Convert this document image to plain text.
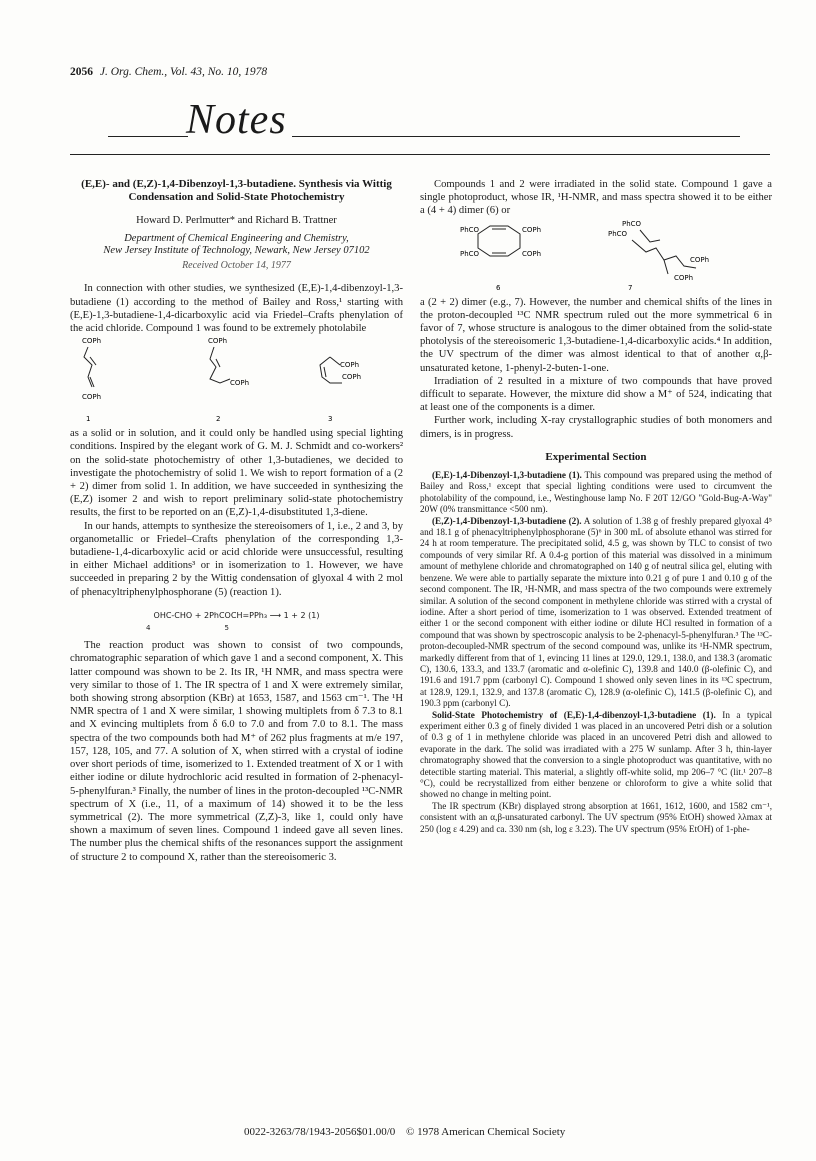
2056 J. Org. Chem., Vol. 43, No. 10, 1978
Notes
(E,E)- and (E,Z)-1,4-Dibenzoyl-1,3-butadiene. Synthesis via Wittig Condensation and Solid-State Photochemistry
Howard D. Perlmutter* and Richard B. Trattner
Department of Chemical Engineering and Chemistry,
New Jersey Institute of Technology, Newark, New Jersey 07102
Received October 14, 1977

In connection with other studies, we synthesized (E,E)-1,4-dibenzoyl-1,3-butadiene (1) according to the method of Bailey and Ross,¹ starting with (E,E)-1,3-butadiene-1,4-dicarboxylic acid via Friedel–Crafts phenylation of the acid chloride. Compound 1 was found to be extremely photolabile

COPh
COPh
1
COPh
COPh
2
COPh
COPh
3

as a solid or in solution, and it could only be handled using special lighting conditions. Inspired by the elegant work of G. M. J. Schmidt and co-workers² on the solid-state photochemistry of other 1,3-butadienes, we decided to investigate the photochemistry of solid 1. We wish to report formation of a (2 + 2) dimer from solid 1. In addition, we have succeeded in synthesizing the (E,Z) isomer 2 and wish to report preliminary solid-state photochemistry results, the first to be reported on an (E,Z)-1,4-disubstituted 1,3-diene.

In our hands, attempts to synthesize the stereoisomers of 1, i.e., 2 and 3, by organometallic or Friedel–Crafts phenylation of the corresponding 1,3-butadiene-1,4-dicarboxylic acid or acid chloride were unsuccessful, resulting in either Michael additions³ or in isomerization to 1. However, we have succeeded in preparing 2 by the Wittig condensation of glyoxal 4 with 2 mol of phenacyltriphenylphosphorane (5) (reaction 1).

OHC-CHO + 2PhCOCH=PPh₃ ⟶ 1 + 2 (1)
4	5

The reaction product was shown to consist of two compounds, chromatographic separation of which gave 1 and a second component, X. This latter compound was shown to be 2. Its IR, ¹H NMR, and mass spectra were very similar to those of 1. The IR spectra of 1 and X were extremely similar, both showing strong absorption (KBr) at 1653, 1587, and 1563 cm⁻¹. The ¹H NMR spectra of 1 and X were similar, 1 showing multiplets from δ 7.3 to 8.1 and X evincing multiplets from δ 6.0 to 7.0 and from 7.0 to 8.1. The mass spectra of the two compounds both had M⁺ of 262 plus fragments at m/e 197, 157, 128, 105, and 77. A solution of X, when stirred with a crystal of iodine over short periods of time, isomerized to 1. Extended treatment of X or 1 with either iodine or dilute hydrochloric acid resulted in formation of 2-phenacyl-5-phenylfuran.³ Finally, the number of lines in the proton-decoupled ¹³C-NMR spectrum of X (i.e., 11, of a maximum of 14) showed it to be the less symmetrical (2). The more symmetrical (Z,Z)-3, like 1, could only have shown a maximum of seven lines. Compound 1 indeed gave all seven lines. The number plus the chemical shifts of the resonances support the assignment of structure 2 to compound X, rather than the stereoisomeric 3.

Compounds 1 and 2 were irradiated in the solid state. Compound 1 gave a single photoproduct, whose IR, ¹H-NMR, and mass spectra showed it to be either a (4 + 4) dimer (6) or

PhCO	COPh
PhCO	COPh
6
PhCO
PhCO
COPh
COPh
7

a (2 + 2) dimer (e.g., 7). However, the number and chemical shifts of the lines in the proton-decoupled ¹³C NMR spectrum ruled out the more symmetrical 6 in favor of 7, whose structure is analogous to the dimer obtained from the solid-state photolysis of the stereoisomeric 1,3-butadiene-1,4-dicarboxylic acids.⁴ In addition, the UV spectrum of the dimer was almost identical to that of another α,β-unsaturated ketone, 1-phenyl-2-buten-1-one.

Irradiation of 2 resulted in a mixture of two compounds that have proved difficult to separate. However, the mixture did show a M⁺ of 524, indicating that at least one of the components is a dimer.

Further work, including X-ray crystallographic studies of both monomers and dimers, is in progress.

Experimental Section

(E,E)-1,4-Dibenzoyl-1,3-butadiene (1). This compound was prepared using the method of Bailey and Ross,¹ except that special lighting conditions were used to circumvent the photolability of the compound, i.e., Westinghouse lamp No. F 20T 12/GO "Gold-Bug-A-Way" 20W (0% transmittance <500 nm).

(E,Z)-1,4-Dibenzoyl-1,3-butadiene (2). A solution of 1.38 g of freshly prepared glyoxal 4⁵ and 18.1 g of phenacyltriphenylphosphorane (5)⁶ in 300 mL of absolute ethanol was stirred for 24 h at room temperature. The precipitated solid, 4.5 g, was shown by TLC to consist of two compounds of very similar Rf. A 0.4-g portion of this material was dissolved in a minimum amount of methylene chloride and chromatographed on 140 g of neutral silica gel, eluting with benzene. We were able to partially separate the mixture into 0.21 g of pure 1 and 0.10 g of the second component. The IR, ¹H-NMR, and mass spectra of the two compounds were extremely similar. A solution of the second component in methylene chloride was stirred with a crystal of iodine. After a short period of time, isomerization to 1 was observed. Extended treatment of either 1 or the second component with either iodine or dilute HCl resulted in formation of a compound that was shown by spectroscopic analysis to be 2-phenacyl-5-phenylfuran.³ The ¹³C-proton-decoupled-NMR spectrum of the second compound was, unlike its ¹H-NMR spectrum, markedly different from that of 1, evincing 11 lines at 129.0, 129.1, 138.0, and 138.3 (aromatic C), 130.6, 133.3, and 133.7 (aromatic and α-olefinic C), 139.8 and 140.0 (β-olefinic C), and 191.6 and 191.7 ppm (carbonyl C). Compound 1 showed only seven lines in its ¹³C spectrum, at 128.9, 129.1, 132.9, and 137.8 (aromatic C), 128.9 (α-olefinic C), 141.5 (β-olefinic C), and 190.3 ppm (carbonyl C).

Solid-State Photochemistry of (E,E)-1,4-dibenzoyl-1,3-butadiene (1). In a typical experiment either 0.3 g of finely divided 1 was placed in an uncovered Petri dish or a solution of 0.3 g of 1 in methylene chloride was placed in an uncovered Petri dish and allowed to evaporate in the dark. The solid was irradiated with a 275 W sunlamp. After 3 h, thin-layer chromatography showed that the conversion to a single photoproduct was quantitative, with no detectible starting material. This material, a slightly off-white solid, mp 206–7 °C (lit.¹ 207–8 °C), could be recrystallized from either benzene or chloroform to give a white solid that showed no change in melting point.

The IR spectrum (KBr) displayed strong absorption at 1661, 1612, 1600, and 1582 cm⁻¹, consistent with an α,β-unsaturated carbonyl. The UV spectrum (95% EtOH) showed λλmax at 250 (log ε 4.29) and ca. 330 nm (sh, log ε 3.23). The UV spectrum (95% EtOH) of 1-phe-

0022-3263/78/1943-2056$01.00/0 © 1978 American Chemical Society
